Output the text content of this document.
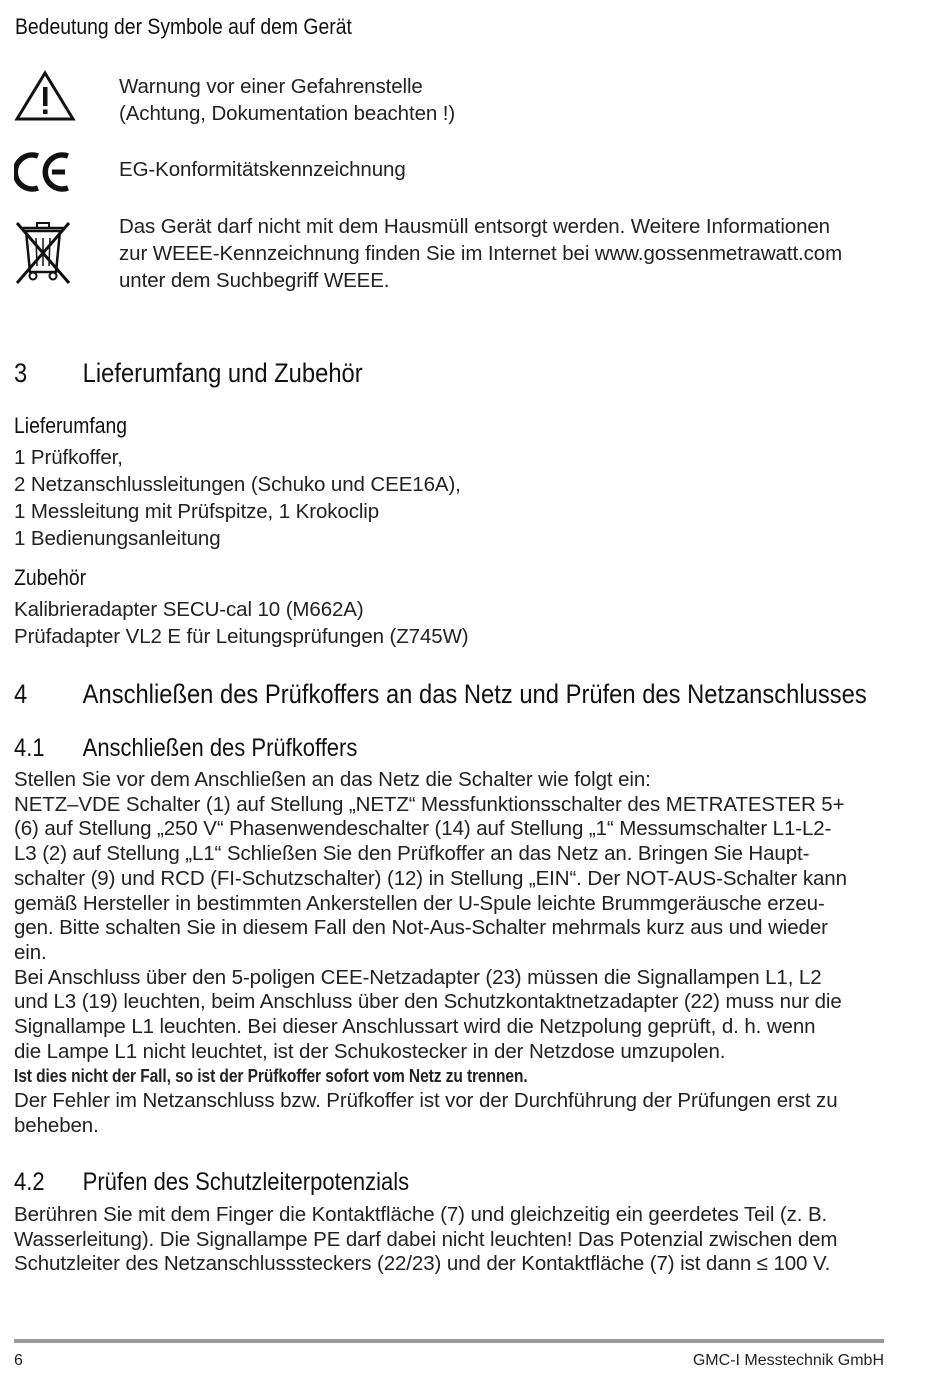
Bedeutung der Symbole auf dem Gerät
Warnung vor einer Gefahrenstelle
(Achtung, Dokumentation beachten !)
EG-Konformitätskennzeichnung
Das Gerät darf nicht mit dem Hausmüll entsorgt werden. Weitere Informationen
zur WEEE-Kennzeichnung finden Sie im Internet bei www.gossenmetrawatt.com
unter dem Suchbegriff WEEE.
3 Lieferumfang und Zubehör
Lieferumfang
1 Prüfkoffer,
2 Netzanschlussleitungen (Schuko und CEE16A),
1 Messleitung mit Prüfspitze, 1 Krokoclip
1 Bedienungsanleitung
Zubehör
Kalibrieradapter SECU-cal 10 (M662A)
Prüfadapter VL2 E für Leitungsprüfungen (Z745W)
4 Anschließen des Prüfkoffers an das Netz und Prüfen des Netzanschlusses
4.1 Anschließen des Prüfkoffers
Stellen Sie vor dem Anschließen an das Netz die Schalter wie folgt ein:
NETZ–VDE Schalter (1) auf Stellung „NETZ“ Messfunktionsschalter des METRATESTER 5+
(6) auf Stellung „250 V“ Phasenwendeschalter (14) auf Stellung „1“ Messumschalter L1-L2-
L3 (2) auf Stellung „L1“ Schließen Sie den Prüfkoffer an das Netz an. Bringen Sie Haupt-
schalter (9) und RCD (FI-Schutzschalter) (12) in Stellung „EIN“. Der NOT-AUS-Schalter kann
gemäß Hersteller in bestimmten Ankerstellen der U-Spule leichte Brummgeräusche erzeu-
gen. Bitte schalten Sie in diesem Fall den Not-Aus-Schalter mehrmals kurz aus und wieder
ein.
Bei Anschluss über den 5-poligen CEE-Netzadapter (23) müssen die Signallampen L1, L2
und L3 (19) leuchten, beim Anschluss über den Schutzkontaktnetzadapter (22) muss nur die
Signallampe L1 leuchten. Bei dieser Anschlussart wird die Netzpolung geprüft, d. h. wenn
die Lampe L1 nicht leuchtet, ist der Schukostecker in der Netzdose umzupolen.
Ist dies nicht der Fall, so ist der Prüfkoffer sofort vom Netz zu trennen.
Der Fehler im Netzanschluss bzw. Prüfkoffer ist vor der Durchführung der Prüfungen erst zu
beheben.
4.2 Prüfen des Schutzleiterpotenzials
Berühren Sie mit dem Finger die Kontaktfläche (7) und gleichzeitig ein geerdetes Teil (z. B.
Wasserleitung). Die Signallampe PE darf dabei nicht leuchten! Das Potenzial zwischen dem
Schutzleiter des Netzanschlusssteckers (22/23) und der Kontaktfläche (7) ist dann ≤ 100 V.
6	GMC-I Messtechnik GmbH
